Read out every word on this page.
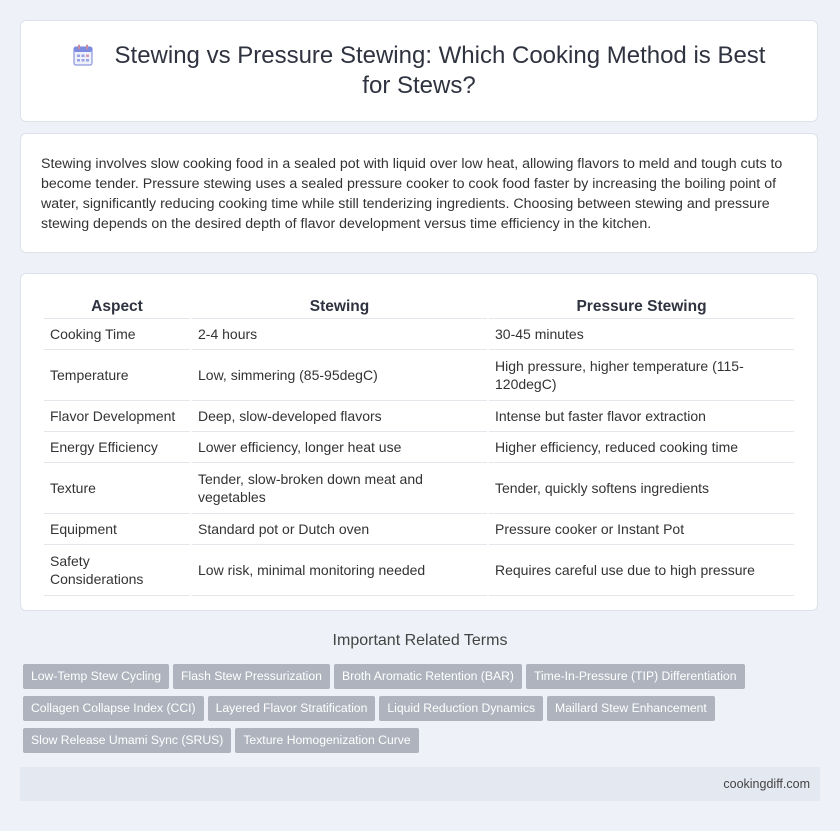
Stewing vs Pressure Stewing: Which Cooking Method is Best for Stews?

Stewing involves slow cooking food in a sealed pot with liquid over low heat, allowing flavors to meld and tough cuts to become tender. Pressure stewing uses a sealed pressure cooker to cook food faster by increasing the boiling point of water, significantly reducing cooking time while still tenderizing ingredients. Choosing between stewing and pressure stewing depends on the desired depth of flavor development versus time efficiency in the kitchen.

Aspect	Stewing	Pressure Stewing
Cooking Time	2-4 hours	30-45 minutes
Temperature	Low, simmering (85-95degC)	High pressure, higher temperature (115-120degC)
Flavor Development	Deep, slow-developed flavors	Intense but faster flavor extraction
Energy Efficiency	Lower efficiency, longer heat use	Higher efficiency, reduced cooking time
Texture	Tender, slow-broken down meat and vegetables	Tender, quickly softens ingredients
Equipment	Standard pot or Dutch oven	Pressure cooker or Instant Pot
Safety Considerations	Low risk, minimal monitoring needed	Requires careful use due to high pressure
Important Related Terms
Low-Temp Stew Cycling Flash Stew Pressurization Broth Aromatic Retention (BAR) Time-In-Pressure (TIP) Differentiation
Collagen Collapse Index (CCI) Layered Flavor Stratification Liquid Reduction Dynamics Maillard Stew Enhancement
Slow Release Umami Sync (SRUS) Texture Homogenization Curve
cookingdiff.com
